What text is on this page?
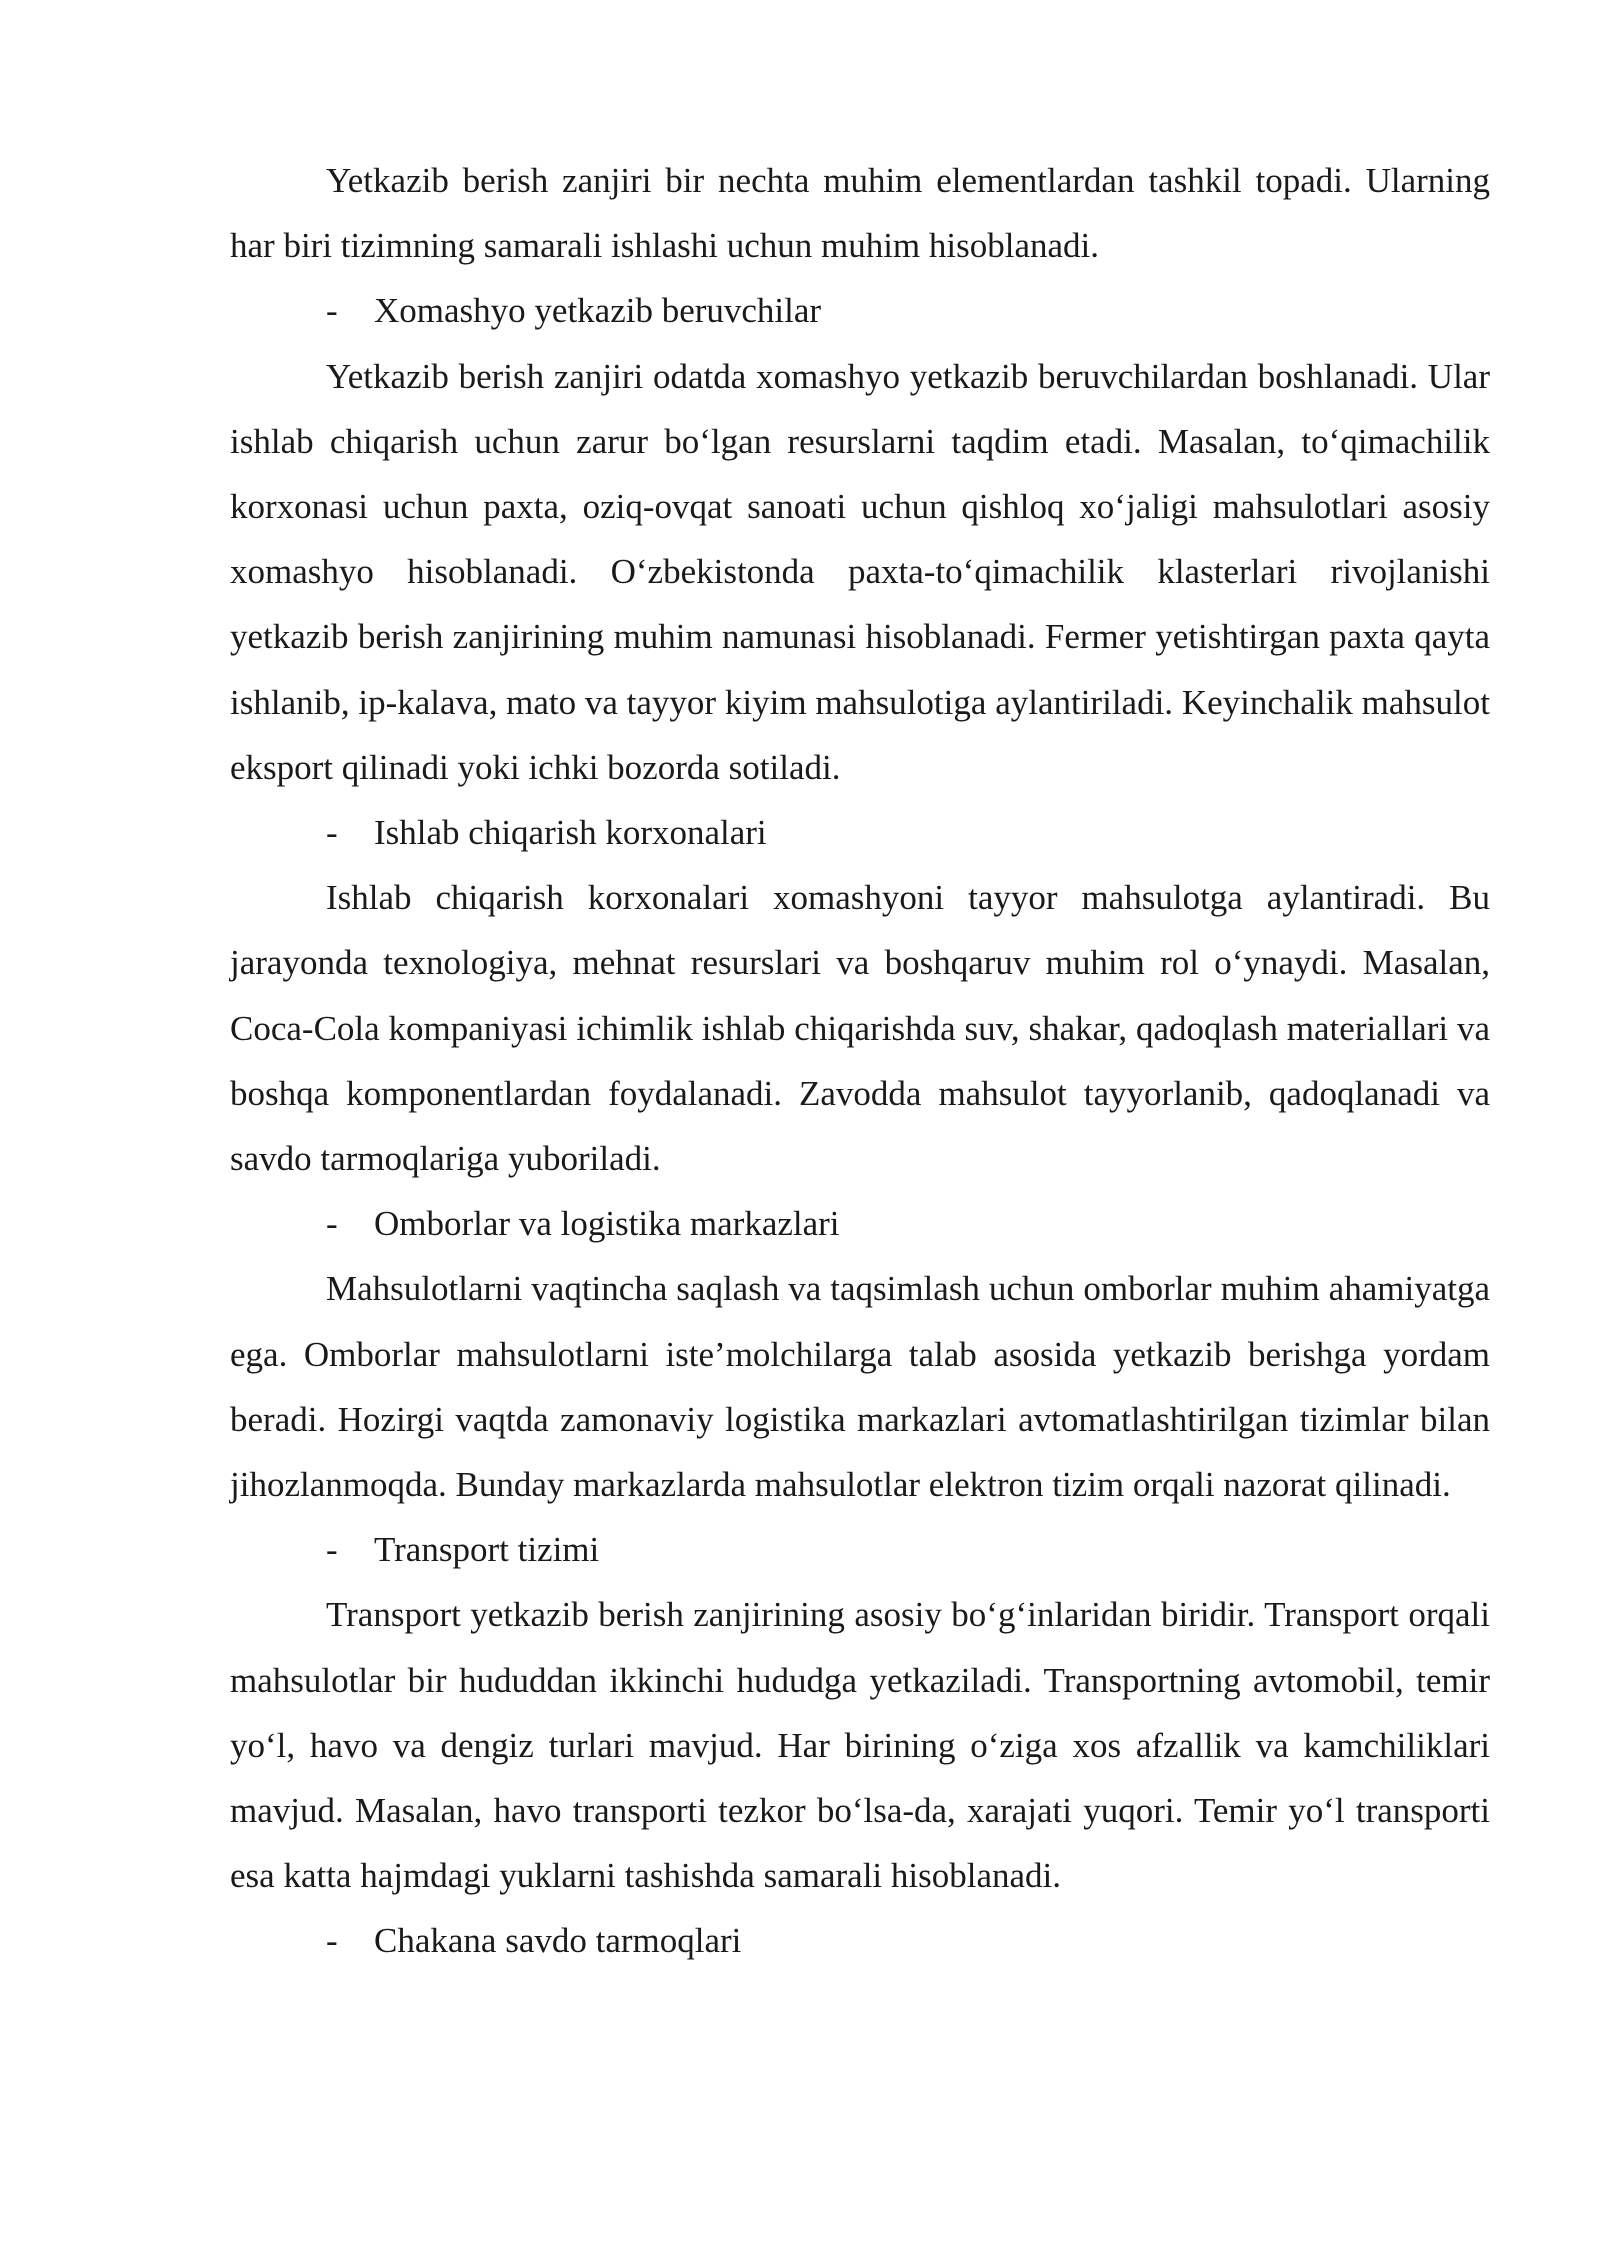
Yetkazib berish zanjiri bir nechta muhim elementlardan tashkil topadi. Ularning har biri tizimning samarali ishlashi uchun muhim hisoblanadi.

- Xomashyo yetkazib beruvchilar

Yetkazib berish zanjiri odatda xomashyo yetkazib beruvchilardan boshlanadi. Ular ishlab chiqarish uchun zarur boʻlgan resurslarni taqdim etadi. Masalan, toʻqimachilik korxonasi uchun paxta, oziq-ovqat sanoati uchun qishloq xoʻjaligi mahsulotlari asosiy xomashyo hisoblanadi. Oʻzbekistonda paxta-toʻqimachilik klasterlari rivojlanishi yetkazib berish zanjirining muhim namunasi hisoblanadi. Fermer yetishtirgan paxta qayta ishlanib, ip-kalava, mato va tayyor kiyim mahsulotiga aylantiriladi. Keyinchalik mahsulot eksport qilinadi yoki ichki bozorda sotiladi.

- Ishlab chiqarish korxonalari

Ishlab chiqarish korxonalari xomashyoni tayyor mahsulotga aylantiradi. Bu jarayonda texnologiya, mehnat resurslari va boshqaruv muhim rol oʻynaydi. Masalan, Coca-Cola kompaniyasi ichimlik ishlab chiqarishda suv, shakar, qadoqlash materiallari va boshqa komponentlardan foydalanadi. Zavodda mahsulot tayyorlanib, qadoqlanadi va savdo tarmoqlariga yuboriladi.

- Omborlar va logistika markazlari

Mahsulotlarni vaqtincha saqlash va taqsimlash uchun omborlar muhim ahamiyatga ega. Omborlar mahsulotlarni iste’molchilarga talab asosida yetkazib berishga yordam beradi. Hozirgi vaqtda zamonaviy logistika markazlari avtomatlashtirilgan tizimlar bilan jihozlanmoqda. Bunday markazlarda mahsulotlar elektron tizim orqali nazorat qilinadi.

- Transport tizimi

Transport yetkazib berish zanjirining asosiy boʻgʻinlaridan biridir. Transport orqali mahsulotlar bir hududdan ikkinchi hududga yetkaziladi. Transportning avtomobil, temir yoʻl, havo va dengiz turlari mavjud. Har birining oʻziga xos afzallik va kamchiliklari mavjud. Masalan, havo transporti tezkor boʻlsa-da, xarajati yuqori. Temir yoʻl transporti esa katta hajmdagi yuklarni tashishda samarali hisoblanadi.

- Chakana savdo tarmoqlari
